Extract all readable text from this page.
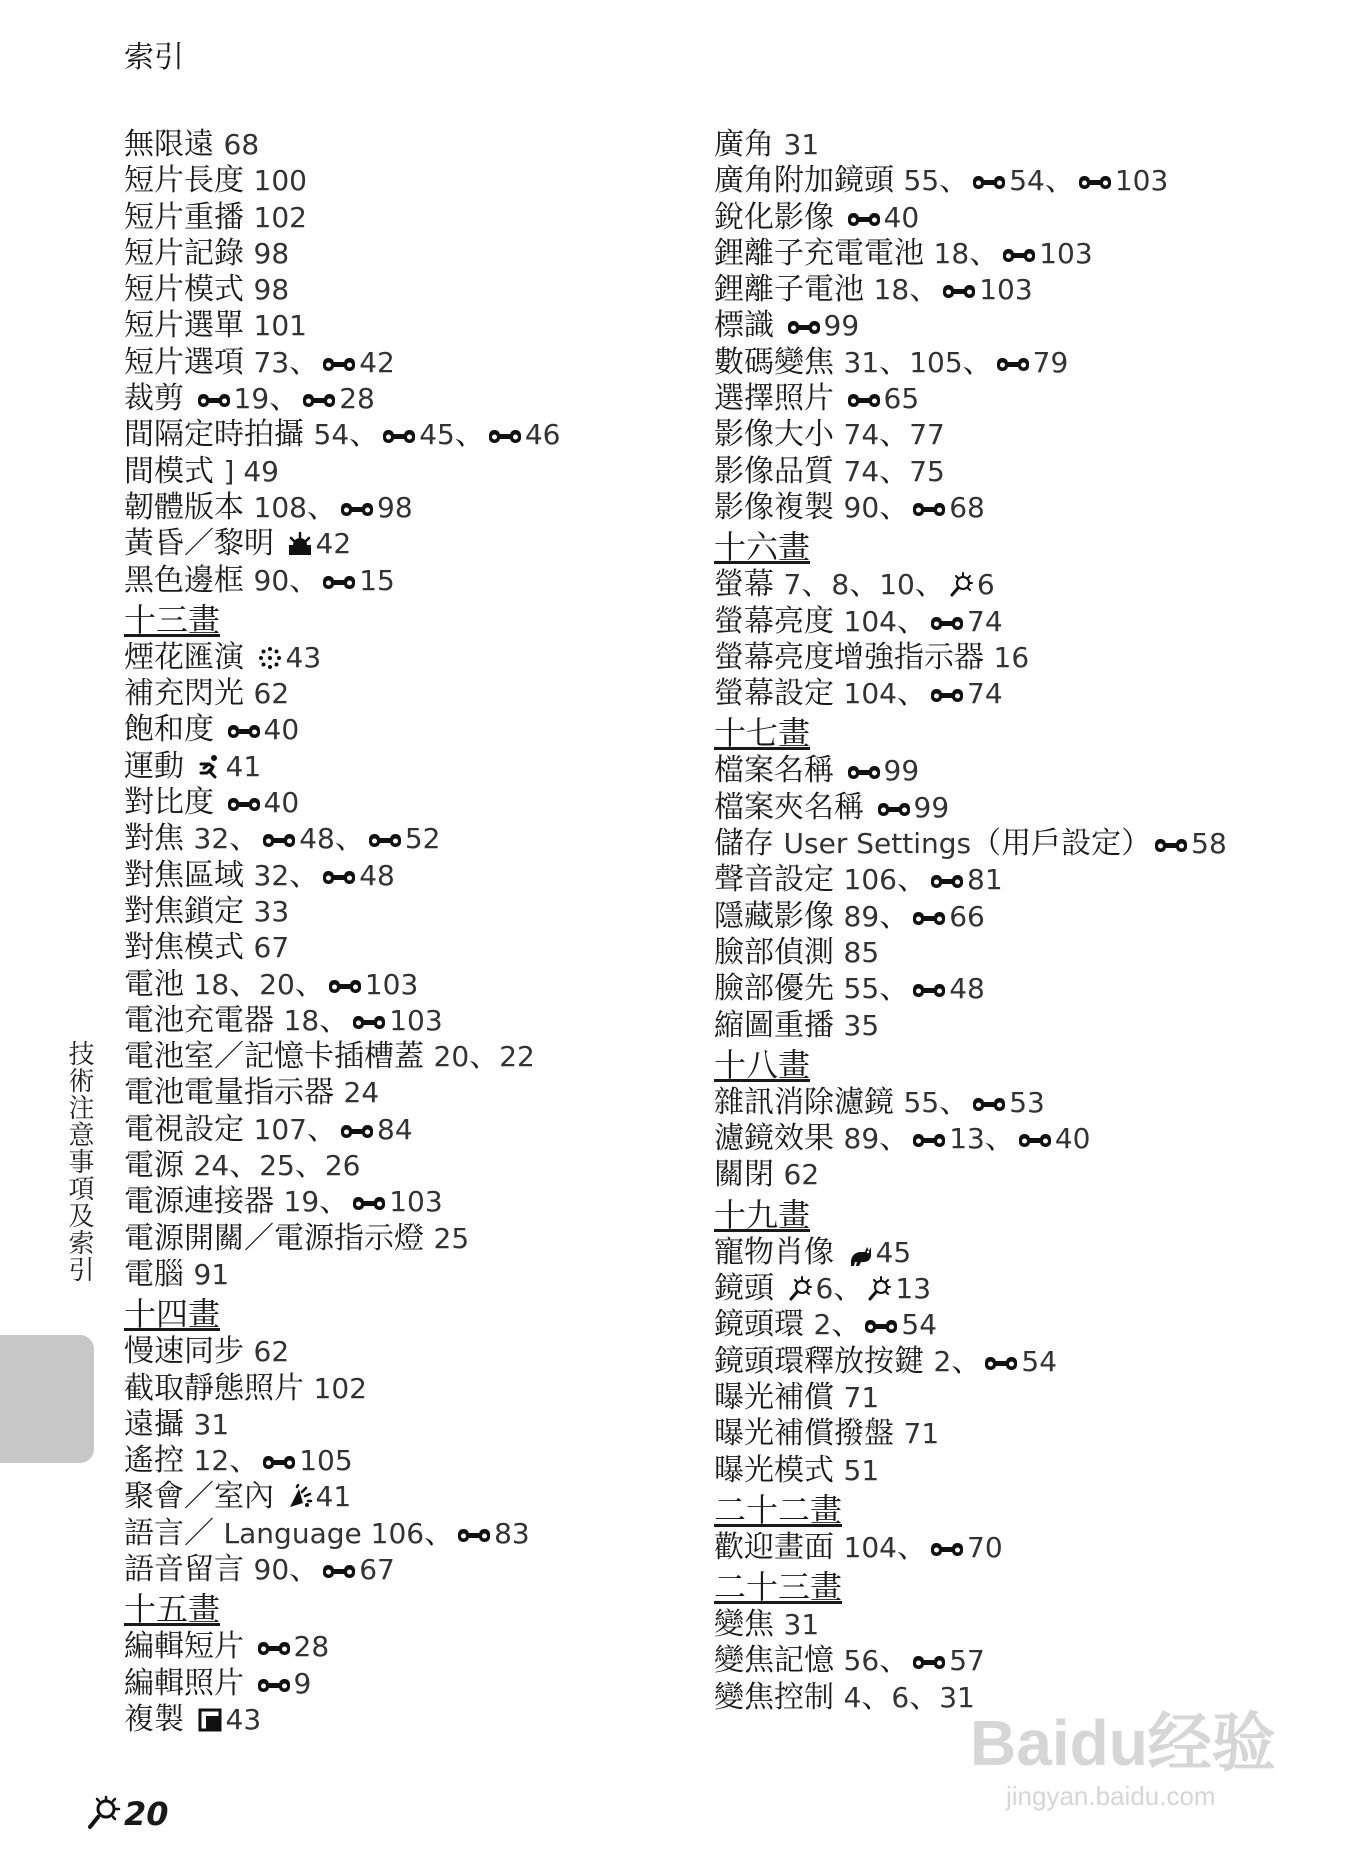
索引
無限遠 68
短片長度 100
短片重播 102
短片記錄 98
短片模式 98
短片選單 101
短片選項 73、 42
裁剪 19、 28
間隔定時拍攝 54、 45、 46
間模式 ] 49
韌體版本 108、 98
黃昏／黎明 42
黑色邊框 90、 15
十三畫
煙花匯演 43
補充閃光 62
飽和度 40
運動 41
對比度 40
對焦 32、 48、 52
對焦區域 32、 48
對焦鎖定 33
對焦模式 67
電池 18、20、 103
電池充電器 18、 103
電池室／記憶卡插槽蓋 20、22
電池電量指示器 24
電視設定 107、 84
電源 24、25、26
電源連接器 19、 103
電源開關／電源指示燈 25
電腦 91
十四畫
慢速同步 62
截取靜態照片 102
遠攝 31
遙控 12、 105
聚會／室內 41
語言／ Language 106、 83
語音留言 90、 67
十五畫
編輯短片 28
編輯照片 9
複製 43
廣角 31
廣角附加鏡頭 55、 54、 103
銳化影像 40
鋰離子充電電池 18、 103
鋰離子電池 18、 103
標識 99
數碼變焦 31、105、 79
選擇照片 65
影像大小 74、77
影像品質 74、75
影像複製 90、 68
十六畫
螢幕 7、8、10、 6
螢幕亮度 104、 74
螢幕亮度增強指示器 16
螢幕設定 104、 74
十七畫
檔案名稱 99
檔案夾名稱 99
儲存 User Settings（用戶設定） 58
聲音設定 106、 81
隱藏影像 89、 66
臉部偵測 85
臉部優先 55、 48
縮圖重播 35
十八畫
雜訊消除濾鏡 55、 53
濾鏡效果 89、 13、 40
關閉 62
十九畫
寵物肖像 45
鏡頭 6、 13
鏡頭環 2、 54
鏡頭環釋放按鍵 2、 54
曝光補償 71
曝光補償撥盤 71
曝光模式 51
二十二畫
歡迎畫面 104、 70
二十三畫
變焦 31
變焦記憶 56、 57
變焦控制 4、6、31
技術注意事項及索引
20
Baidu经验
jingyan.baidu.com
